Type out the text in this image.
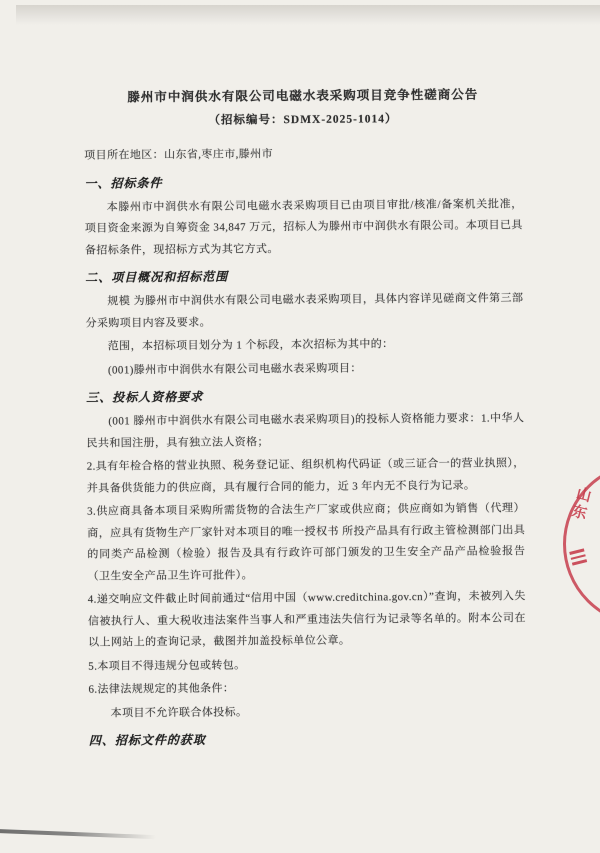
滕州市中润供水有限公司电磁水表采购项目竞争性磋商公告
（招标编号：SDMX-2025-1014）

项目所在地区：山东省,枣庄市,滕州市

一、招标条件

本滕州市中润供水有限公司电磁水表采购项目已由项目审批/核准/备案机关批准，项目资金来源为自筹资金 34,847 万元，招标人为滕州市中润供水有限公司。本项目已具备招标条件，现招标方式为其它方式。

二、项目概况和招标范围

规模 为滕州市中润供水有限公司电磁水表采购项目，具体内容详见磋商文件第三部分采购项目内容及要求。

范围，本招标项目划分为 1 个标段，本次招标为其中的：

(001)滕州市中润供水有限公司电磁水表采购项目：

三、投标人资格要求

(001 滕州市中润供水有限公司电磁水表采购项目)的投标人资格能力要求：1.中华人民共和国注册，具有独立法人资格；

2.具有年检合格的营业执照、税务登记证、组织机构代码证（或三证合一的营业执照），并具备供货能力的供应商，具有履行合同的能力，近 3 年内无不良行为记录。

3.供应商具备本项目采购所需货物的合法生产厂家或供应商；供应商如为销售（代理）商，应具有货物生产厂家针对本项目的唯一授权书 所投产品具有行政主管检测部门出具的同类产品检测（检验）报告及具有行政许可部门颁发的卫生安全产品产品检验报告（卫生安全产品卫生许可批件）。

4.递交响应文件截止时间前通过“信用中国（www.creditchina.gov.cn）”查询，未被列入失信被执行人、重大税收违法案件当事人和严重违法失信行为记录等名单的。附本公司在以上网站上的查询记录，截图并加盖投标单位公章。

5.本项目不得违规分包或转包。

6.法律法规规定的其他条件：

本项目不允许联合体投标。

四、招标文件的获取
山东
